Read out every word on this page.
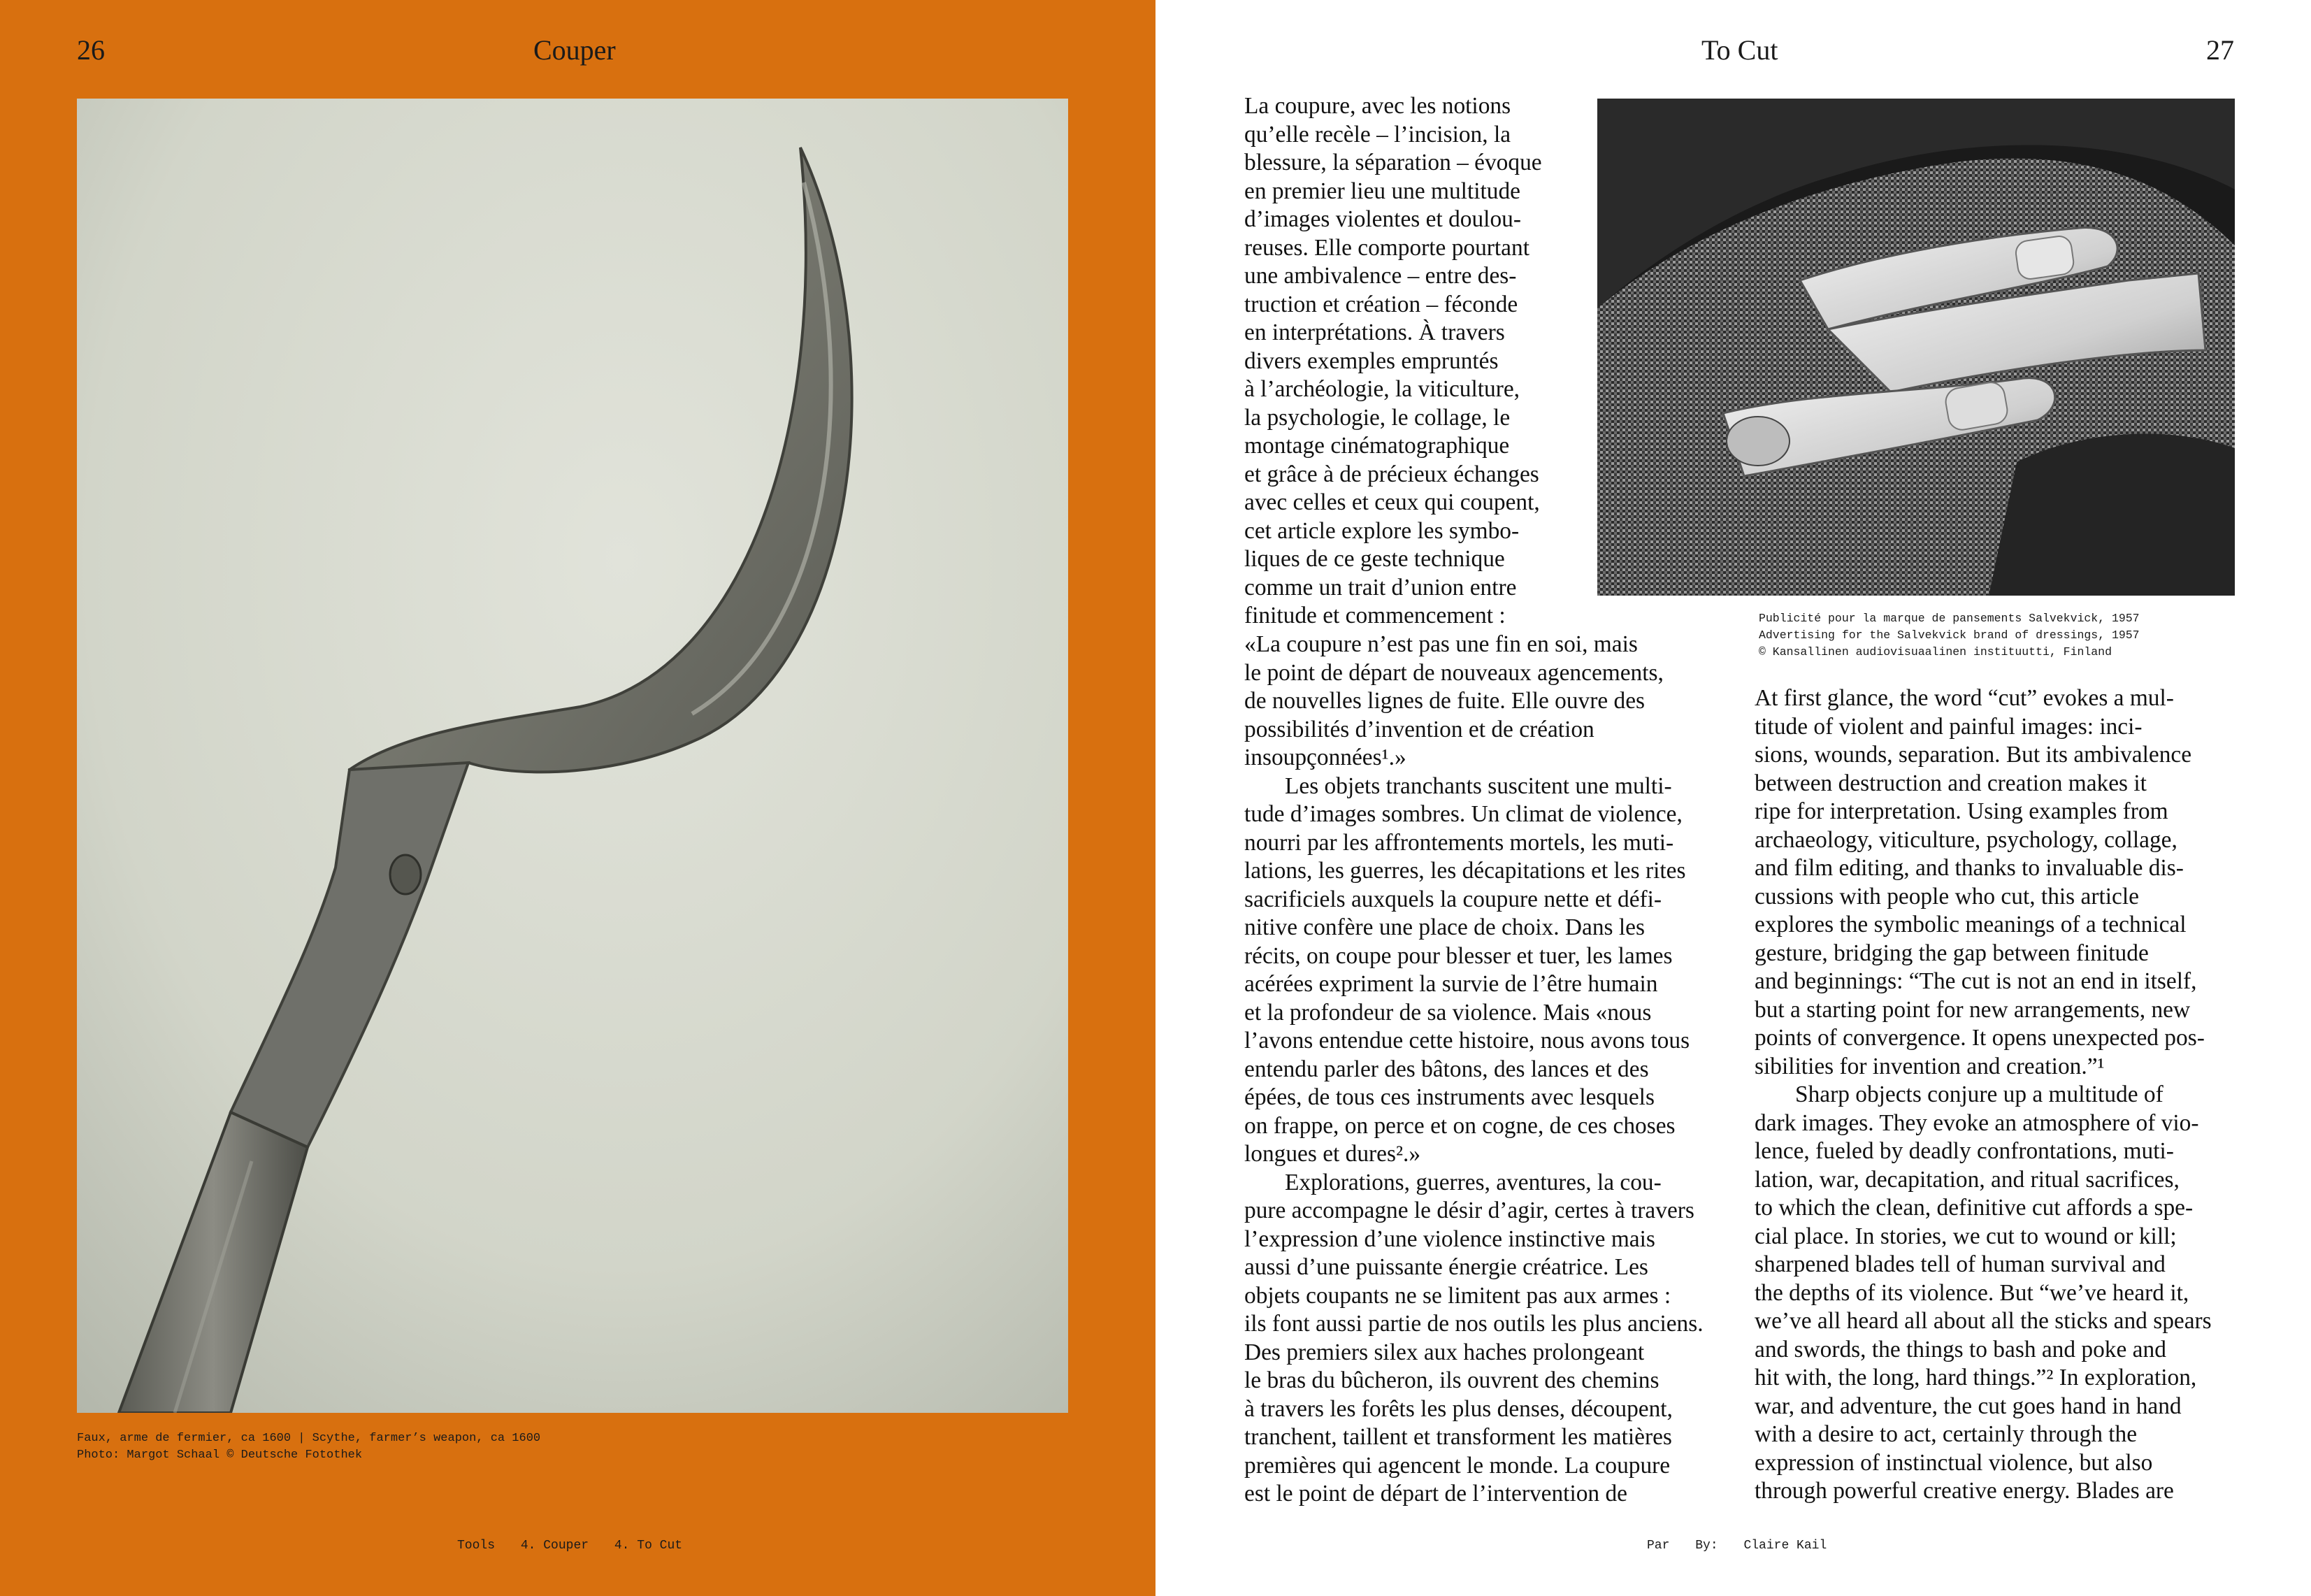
26	Couper
Faux, arme de fermier, ca 1600 | Scythe, farmer’s weapon, ca 1600
Photo: Margot Schaal © Deutsche Fotothek
Tools 4. Couper 4. To Cut
To Cut	27
Par By: Claire Kail
Publicité pour la marque de pansements Salvekvick, 1957
Advertising for the Salvekvick brand of dressings, 1957
© Kansallinen audiovisuaalinen instituutti, Finland
La coupure, avec les notions
qu’elle recèle – l’incision, la
blessure, la séparation – évoque
en premier lieu une multitude
d’images violentes et doulou-
reuses. Elle comporte pourtant
une ambivalence – entre des-
truction et création – féconde
en interprétations. À travers
divers exemples empruntés
à l’archéologie, la viticulture,
la psychologie, le collage, le
montage cinématographique
et grâce à de précieux échanges
avec celles et ceux qui coupent,
cet article explore les symbo-
liques de ce geste technique
comme un trait d’union entre
finitude et commencement :
«La coupure n’est pas une fin en soi, mais
le point de départ de nouveaux agencements,
de nouvelles lignes de fuite. Elle ouvre des
possibilités d’invention et de création
insoupçonnées¹.»
Les objets tranchants suscitent une multi-
tude d’images sombres. Un climat de violence,
nourri par les affrontements mortels, les muti-
lations, les guerres, les décapitations et les rites
sacrificiels auxquels la coupure nette et défi-
nitive confère une place de choix. Dans les
récits, on coupe pour blesser et tuer, les lames
acérées expriment la survie de l’être humain
et la profondeur de sa violence. Mais «nous
l’avons entendue cette histoire, nous avons tous
entendu parler des bâtons, des lances et des
épées, de tous ces instruments avec lesquels
on frappe, on perce et on cogne, de ces choses
longues et dures².»
Explorations, guerres, aventures, la cou-
pure accompagne le désir d’agir, certes à travers
l’expression d’une violence instinctive mais
aussi d’une puissante énergie créatrice. Les
objets coupants ne se limitent pas aux armes :
ils font aussi partie de nos outils les plus anciens.
Des premiers silex aux haches prolongeant
le bras du bûcheron, ils ouvrent des chemins
à travers les forêts les plus denses, découpent,
tranchent, taillent et transforment les matières
premières qui agencent le monde. La coupure
est le point de départ de l’intervention de
At first glance, the word “cut” evokes a mul-
titude of violent and painful images: inci-
sions, wounds, separation. But its ambivalence
between destruction and creation makes it
ripe for interpretation. Using examples from
archaeology, viticulture, psychology, collage,
and film editing, and thanks to invaluable dis-
cussions with people who cut, this article
explores the symbolic meanings of a technical
gesture, bridging the gap between finitude
and beginnings: “The cut is not an end in itself,
but a starting point for new arrangements, new
points of convergence. It opens unexpected pos-
sibilities for invention and creation.”¹
Sharp objects conjure up a multitude of
dark images. They evoke an atmosphere of vio-
lence, fueled by deadly confrontations, muti-
lation, war, decapitation, and ritual sacrifices,
to which the clean, definitive cut affords a spe-
cial place. In stories, we cut to wound or kill;
sharpened blades tell of human survival and
the depths of its violence. But “we’ve heard it,
we’ve all heard all about all the sticks and spears
and swords, the things to bash and poke and
hit with, the long, hard things.”² In exploration,
war, and adventure, the cut goes hand in hand
with a desire to act, certainly through the
expression of instinctual violence, but also
through powerful creative energy. Blades are
